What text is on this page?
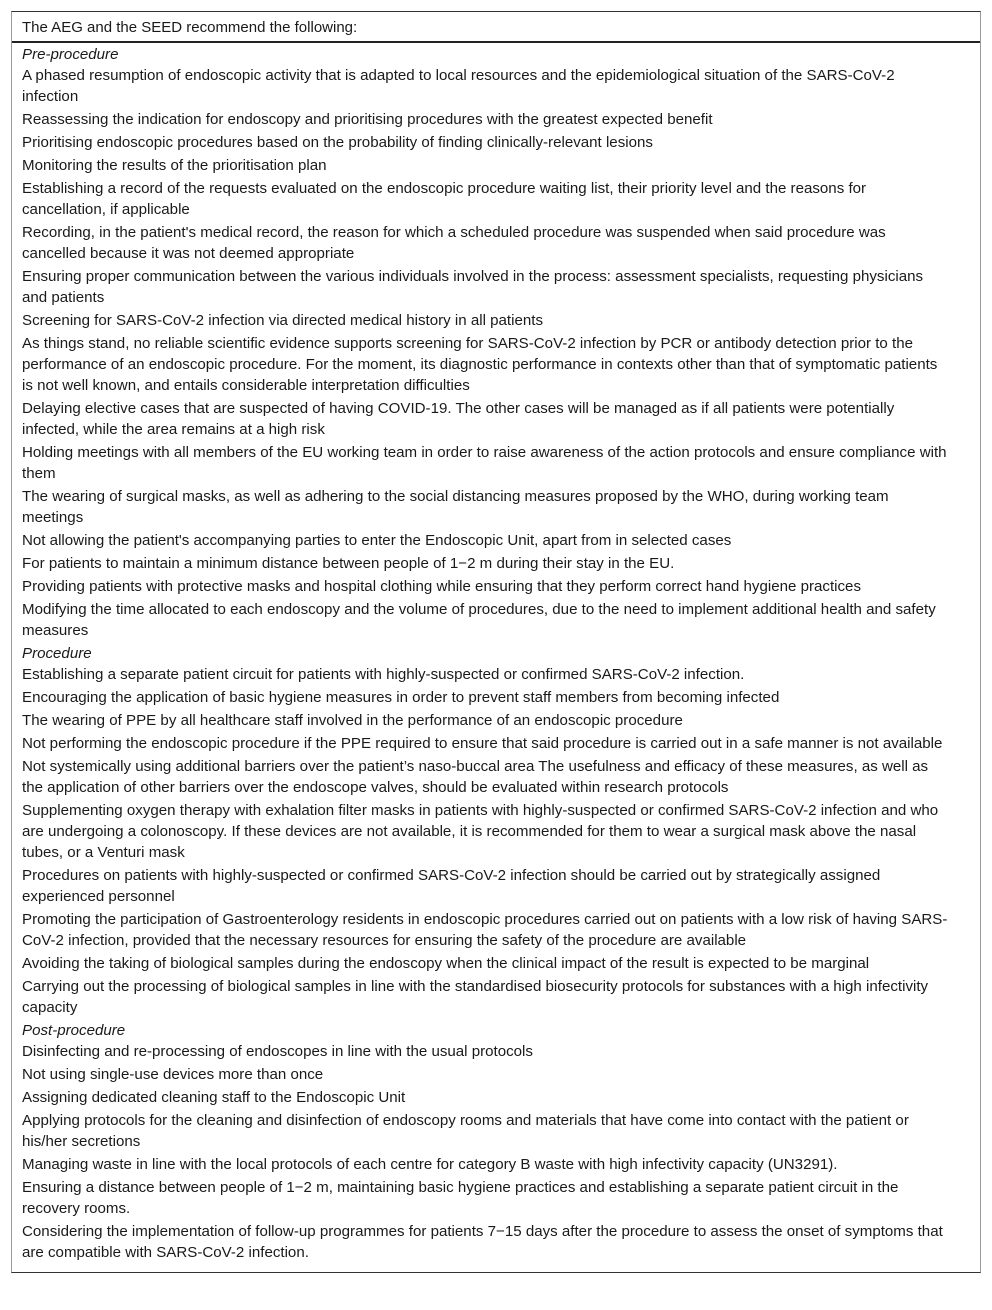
The AEG and the SEED recommend the following:
Pre-procedure
A phased resumption of endoscopic activity that is adapted to local resources and the epidemiological situation of the SARS-CoV-2 infection
Reassessing the indication for endoscopy and prioritising procedures with the greatest expected benefit
Prioritising endoscopic procedures based on the probability of finding clinically-relevant lesions
Monitoring the results of the prioritisation plan
Establishing a record of the requests evaluated on the endoscopic procedure waiting list, their priority level and the reasons for cancellation, if applicable
Recording, in the patient's medical record, the reason for which a scheduled procedure was suspended when said procedure was cancelled because it was not deemed appropriate
Ensuring proper communication between the various individuals involved in the process: assessment specialists, requesting physicians and patients
Screening for SARS-CoV-2 infection via directed medical history in all patients
As things stand, no reliable scientific evidence supports screening for SARS-CoV-2 infection by PCR or antibody detection prior to the performance of an endoscopic procedure. For the moment, its diagnostic performance in contexts other than that of symptomatic patients is not well known, and entails considerable interpretation difficulties
Delaying elective cases that are suspected of having COVID-19. The other cases will be managed as if all patients were potentially infected, while the area remains at a high risk
Holding meetings with all members of the EU working team in order to raise awareness of the action protocols and ensure compliance with them
The wearing of surgical masks, as well as adhering to the social distancing measures proposed by the WHO, during working team meetings
Not allowing the patient's accompanying parties to enter the Endoscopic Unit, apart from in selected cases
For patients to maintain a minimum distance between people of 1−2 m during their stay in the EU.
Providing patients with protective masks and hospital clothing while ensuring that they perform correct hand hygiene practices
Modifying the time allocated to each endoscopy and the volume of procedures, due to the need to implement additional health and safety measures
Procedure
Establishing a separate patient circuit for patients with highly-suspected or confirmed SARS-CoV-2 infection.
Encouraging the application of basic hygiene measures in order to prevent staff members from becoming infected
The wearing of PPE by all healthcare staff involved in the performance of an endoscopic procedure
Not performing the endoscopic procedure if the PPE required to ensure that said procedure is carried out in a safe manner is not available
Not systemically using additional barriers over the patient’s naso-buccal area The usefulness and efficacy of these measures, as well as the application of other barriers over the endoscope valves, should be evaluated within research protocols
Supplementing oxygen therapy with exhalation filter masks in patients with highly-suspected or confirmed SARS-CoV-2 infection and who are undergoing a colonoscopy. If these devices are not available, it is recommended for them to wear a surgical mask above the nasal tubes, or a Venturi mask
Procedures on patients with highly-suspected or confirmed SARS-CoV-2 infection should be carried out by strategically assigned experienced personnel
Promoting the participation of Gastroenterology residents in endoscopic procedures carried out on patients with a low risk of having SARS-CoV-2 infection, provided that the necessary resources for ensuring the safety of the procedure are available
Avoiding the taking of biological samples during the endoscopy when the clinical impact of the result is expected to be marginal
Carrying out the processing of biological samples in line with the standardised biosecurity protocols for substances with a high infectivity capacity
Post-procedure
Disinfecting and re-processing of endoscopes in line with the usual protocols
Not using single-use devices more than once
Assigning dedicated cleaning staff to the Endoscopic Unit
Applying protocols for the cleaning and disinfection of endoscopy rooms and materials that have come into contact with the patient or his/her secretions
Managing waste in line with the local protocols of each centre for category B waste with high infectivity capacity (UN3291).
Ensuring a distance between people of 1−2 m, maintaining basic hygiene practices and establishing a separate patient circuit in the recovery rooms.
Considering the implementation of follow-up programmes for patients 7−15 days after the procedure to assess the onset of symptoms that are compatible with SARS-CoV-2 infection.
